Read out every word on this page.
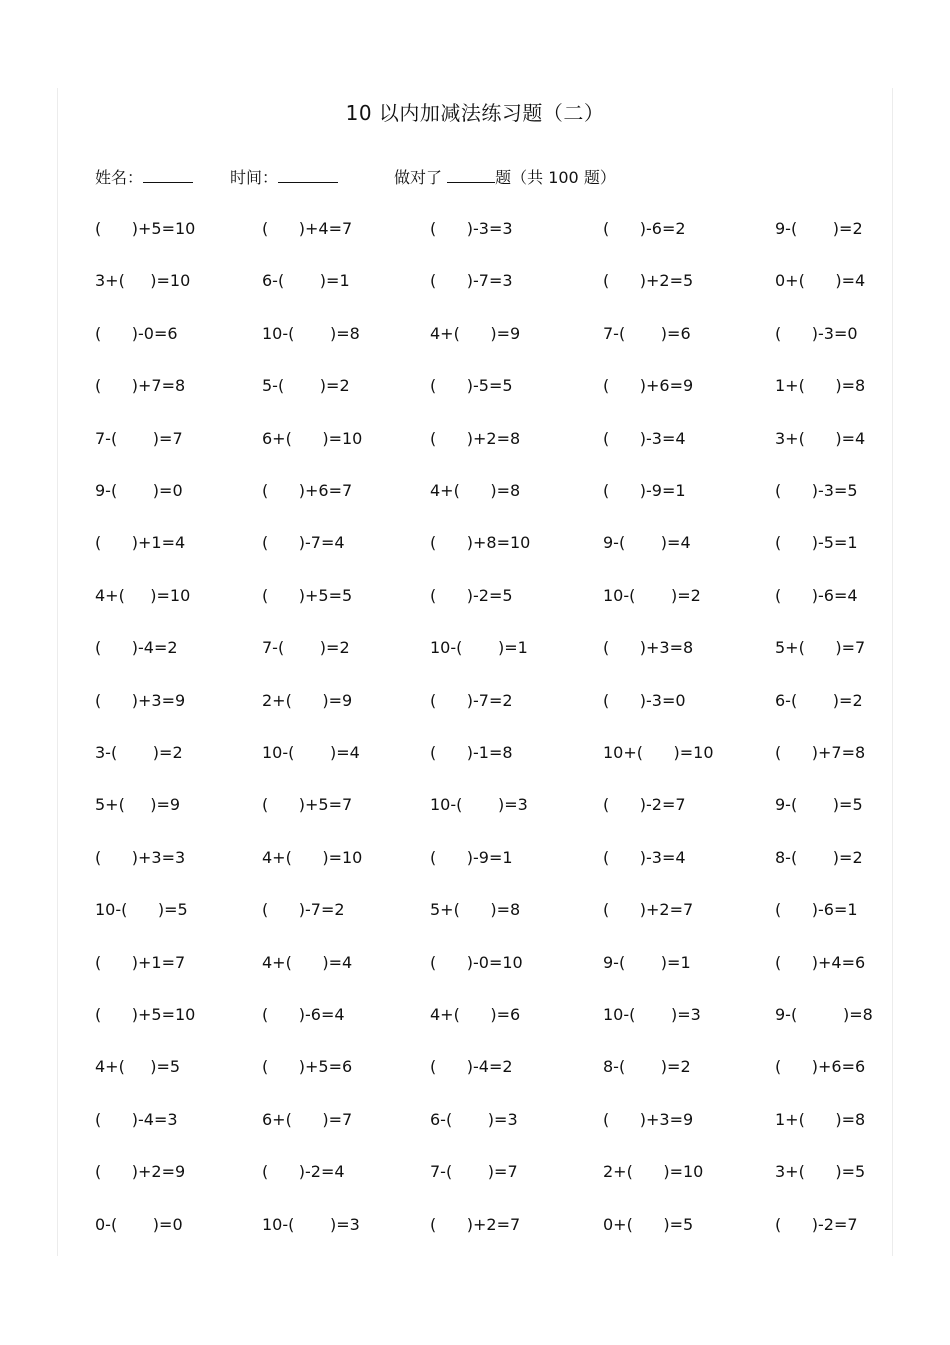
10 以内加减法练习题（二）
姓名：	时间：	做对了	题（共 100 题）
(      )+5=10	(      )+4=7	(      )-3=3	(      )-6=2	9-(       )=2
3+(     )=10	6-(       )=1	(      )-7=3	(      )+2=5	0+(      )=4
(      )-0=6	10-(       )=8	4+(      )=9	7-(       )=6	(      )-3=0
(      )+7=8	5-(       )=2	(      )-5=5	(      )+6=9	1+(      )=8
7-(       )=7	6+(      )=10	(      )+2=8	(      )-3=4	3+(      )=4
9-(       )=0	(      )+6=7	4+(      )=8	(      )-9=1	(      )-3=5
(      )+1=4	(      )-7=4	(      )+8=10	9-(       )=4	(      )-5=1
4+(     )=10	(      )+5=5	(      )-2=5	10-(       )=2	(      )-6=4
(      )-4=2	7-(       )=2	10-(       )=1	(      )+3=8	5+(      )=7
(      )+3=9	2+(      )=9	(      )-7=2	(      )-3=0	6-(       )=2
3-(       )=2	10-(       )=4	(      )-1=8	10+(      )=10	(      )+7=8
5+(     )=9	(      )+5=7	10-(       )=3	(      )-2=7	9-(       )=5
(      )+3=3	4+(      )=10	(      )-9=1	(      )-3=4	8-(       )=2
10-(      )=5	(      )-7=2	5+(      )=8	(      )+2=7	(      )-6=1
(      )+1=7	4+(      )=4	(      )-0=10	9-(       )=1	(      )+4=6
(      )+5=10	(      )-6=4	4+(      )=6	10-(       )=3	9-(         )=8
4+(     )=5	(      )+5=6	(      )-4=2	8-(       )=2	(      )+6=6
(      )-4=3	6+(      )=7	6-(       )=3	(      )+3=9	1+(      )=8
(      )+2=9	(      )-2=4	7-(       )=7	2+(      )=10	3+(      )=5
0-(       )=0	10-(       )=3	(      )+2=7	0+(      )=5	(      )-2=7
